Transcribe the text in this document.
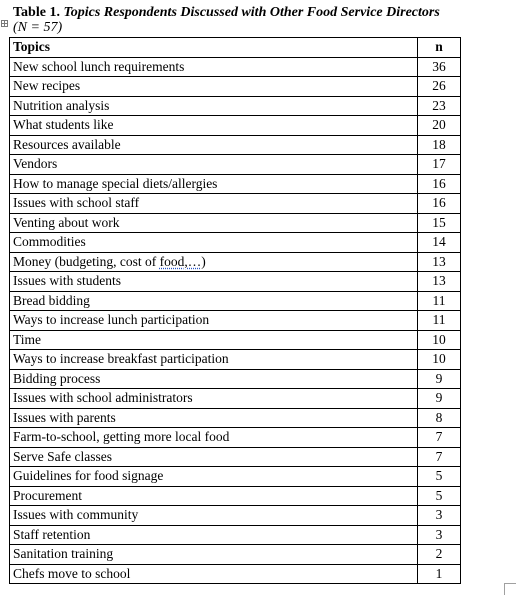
Table 1. Topics Respondents Discussed with Other Food Service Directors
(N = 57)
Topics	n
New school lunch requirements	36
New recipes	26
Nutrition analysis	23
What students like	20
Resources available	18
Vendors	17
How to manage special diets/allergies	16
Issues with school staff	16
Venting about work	15
Commodities	14
Money (budgeting, cost of food,…)	13
Issues with students	13
Bread bidding	11
Ways to increase lunch participation	11
Time	10
Ways to increase breakfast participation	10
Bidding process	9
Issues with school administrators	9
Issues with parents	8
Farm-to-school, getting more local food	7
Serve Safe classes	7
Guidelines for food signage	5
Procurement	5
Issues with community	3
Staff retention	3
Sanitation training	2
Chefs move to school	1
